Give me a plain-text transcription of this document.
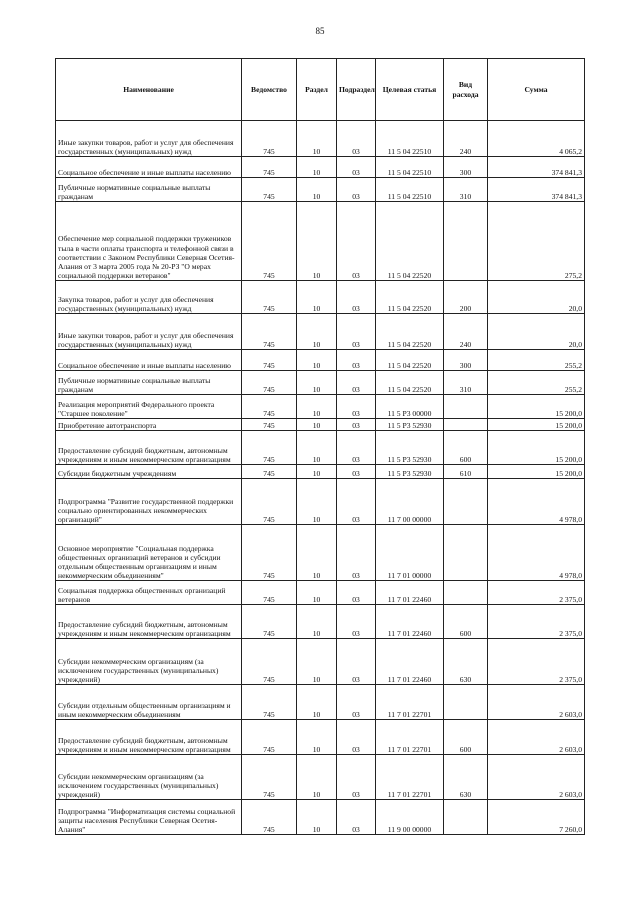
85
Наименование	Ведомство	Раздел	Подраздел	Целевая статья	Вид расхода	Сумма
Иные закупки товаров, работ и услуг для обеспечения государственных (муниципальных) нужд	745	10	03	11 5 04 22510	240	4 065,2
Социальное обеспечение и иные выплаты населению	745	10	03	11 5 04 22510	300	374 841,3
Публичные нормативные социальные выплаты гражданам	745	10	03	11 5 04 22510	310	374 841,3
Обеспечение мер социальной поддержки тружеников тыла в части оплаты транспорта и телефонной связи в соответствии с Законом Республики Северная Осетия-Алания от 3 марта 2005 года № 20-РЗ "О мерах социальной поддержки ветеранов"	745	10	03	11 5 04 22520		275,2
Закупка товаров, работ и услуг для обеспечения государственных (муниципальных) нужд	745	10	03	11 5 04 22520	200	20,0
Иные закупки товаров, работ и услуг для обеспечения государственных (муниципальных) нужд	745	10	03	11 5 04 22520	240	20,0
Социальное обеспечение и иные выплаты населению	745	10	03	11 5 04 22520	300	255,2
Публичные нормативные социальные выплаты гражданам	745	10	03	11 5 04 22520	310	255,2
Реализация мероприятий Федерального проекта "Старшее поколение"	745	10	03	11 5 P3 00000		15 200,0
Приобретение автотранспорта	745	10	03	11 5 P3 52930		15 200,0
Предоставление субсидий бюджетным, автономным учреждениям и иным некоммерческим организациям	745	10	03	11 5 P3 52930	600	15 200,0
Субсидии бюджетным учреждениям	745	10	03	11 5 P3 52930	610	15 200,0
Подпрограмма "Развитие государственной поддержки социально ориентированных некоммерческих организаций"	745	10	03	11 7 00 00000		4 978,0
Основное мероприятие "Социальная поддержка общественных организаций ветеранов и субсидии отдельным общественным организациям и иным некоммерческим объединениям"	745	10	03	11 7 01 00000		4 978,0
Социальная поддержка общественных организаций ветеранов	745	10	03	11 7 01 22460		2 375,0
Предоставление субсидий бюджетным, автономным учреждениям и иным некоммерческим организациям	745	10	03	11 7 01 22460	600	2 375,0
Субсидии некоммерческим организациям (за исключением государственных (муниципальных) учреждений)	745	10	03	11 7 01 22460	630	2 375,0
Субсидии отдельным общественным организациям и иным некоммерческим объединениям	745	10	03	11 7 01 22701		2 603,0
Предоставление субсидий бюджетным, автономным учреждениям и иным некоммерческим организациям	745	10	03	11 7 01 22701	600	2 603,0
Субсидии некоммерческим организациям (за исключением государственных (муниципальных) учреждений)	745	10	03	11 7 01 22701	630	2 603,0
Подпрограмма "Информатизация системы социальной защиты населения Республики Северная Осетия-Алания"	745	10	03	11 9 00 00000		7 260,0
